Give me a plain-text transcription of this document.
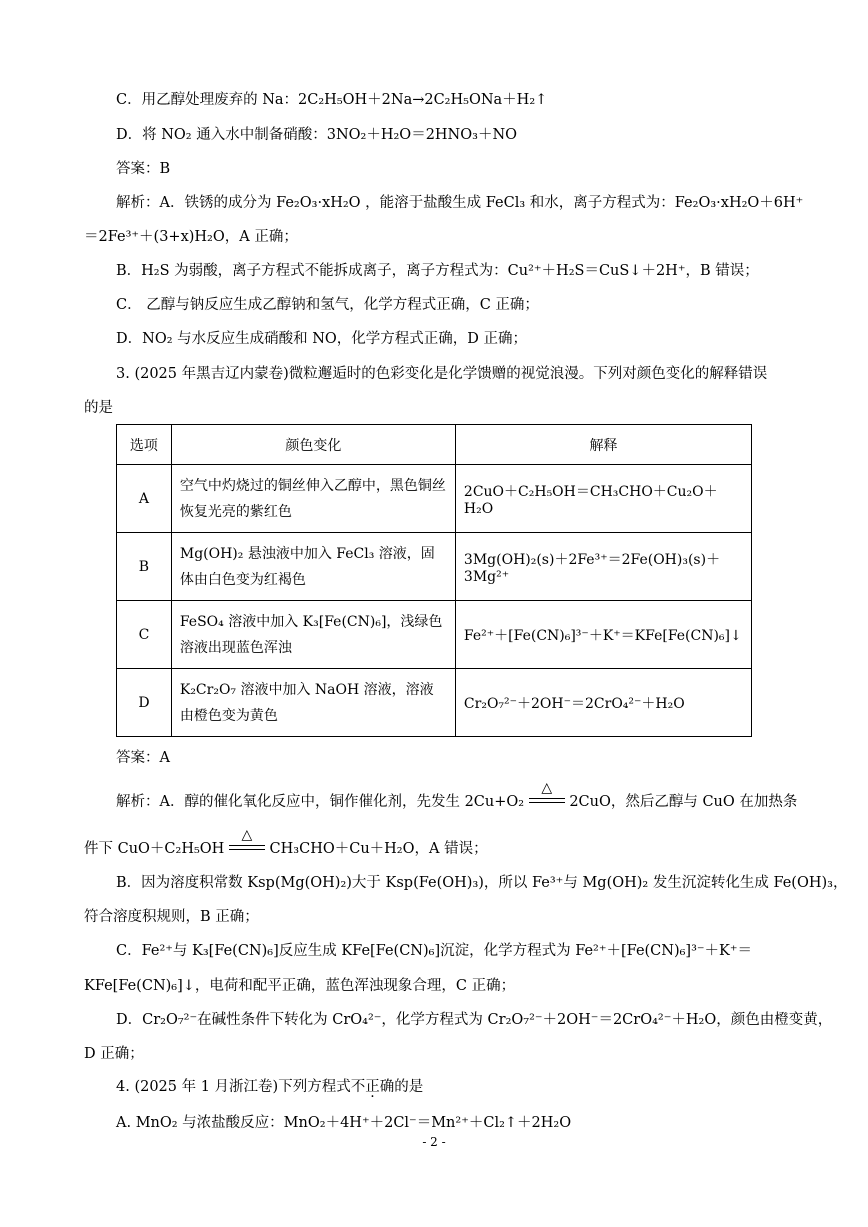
C．用乙醇处理废弃的 Na：2C₂H₅OH＋2Na→2C₂H₅ONa＋H₂↑
D．将 NO₂ 通入水中制备硝酸：3NO₂＋H₂O＝2HNO₃＋NO
答案：B
解析：A．铁锈的成分为 Fe₂O₃·xH₂O ，能溶于盐酸生成 FeCl₃ 和水，离子方程式为：Fe₂O₃·xH₂O＋6H⁺
＝2Fe³⁺＋(3+x)H₂O，A 正确；
B．H₂S 为弱酸，离子方程式不能拆成离子，离子方程式为：Cu²⁺＋H₂S＝CuS↓＋2H⁺，B 错误；
C． 乙醇与钠反应生成乙醇钠和氢气，化学方程式正确，C 正确；
D．NO₂ 与水反应生成硝酸和 NO，化学方程式正确，D 正确；
3. (2025 年黑吉辽内蒙卷)微粒邂逅时的色彩变化是化学馈赠的视觉浪漫。下列对颜色变化的解释错误
的是
选项	颜色变化	解释
A	空气中灼烧过的铜丝伸入乙醇中，黑色铜丝恢复光亮的紫红色	2CuO＋C₂H₅OH＝CH₃CHO＋Cu₂O＋H₂O
B	Mg(OH)₂ 悬浊液中加入 FeCl₃ 溶液，固体由白色变为红褐色	3Mg(OH)₂(s)＋2Fe³⁺＝2Fe(OH)₃(s)＋3Mg²⁺
C	FeSO₄ 溶液中加入 K₃[Fe(CN)₆]，浅绿色溶液出现蓝色浑浊	Fe²⁺＋[Fe(CN)₆]³⁻＋K⁺＝KFe[Fe(CN)₆]↓
D	K₂Cr₂O₇ 溶液中加入 NaOH 溶液，溶液由橙色变为黄色	Cr₂O₇²⁻＋2OH⁻＝2CrO₄²⁻＋H₂O
答案：A
解析：A．醇的催化氧化反应中，铜作催化剂，先发生 2Cu+O₂
△
2CuO，然后乙醇与 CuO 在加热条
件下 CuO＋C₂H₅OH
△
CH₃CHO＋Cu＋H₂O，A 错误；
B．因为溶度积常数 Ksp(Mg(OH)₂)大于 Ksp(Fe(OH)₃)，所以 Fe³⁺与 Mg(OH)₂ 发生沉淀转化生成 Fe(OH)₃，
符合溶度积规则，B 正确；
C．Fe²⁺与 K₃[Fe(CN)₆]反应生成 KFe[Fe(CN)₆]沉淀，化学方程式为 Fe²⁺＋[Fe(CN)₆]³⁻＋K⁺＝
KFe[Fe(CN)₆]↓，电荷和配平正确，蓝色浑浊现象合理，C 正确；
D．Cr₂O₇²⁻在碱性条件下转化为 CrO₄²⁻，化学方程式为 Cr₂O₇²⁻＋2OH⁻＝2CrO₄²⁻＋H₂O，颜色由橙变黄，
D 正确；
4. (2025 年 1 月浙江卷)下列方程式不正确的是
A. MnO₂ 与浓盐酸反应：MnO₂＋4H⁺＋2Cl⁻＝Mn²⁺＋Cl₂↑＋2H₂O
- 2 -
